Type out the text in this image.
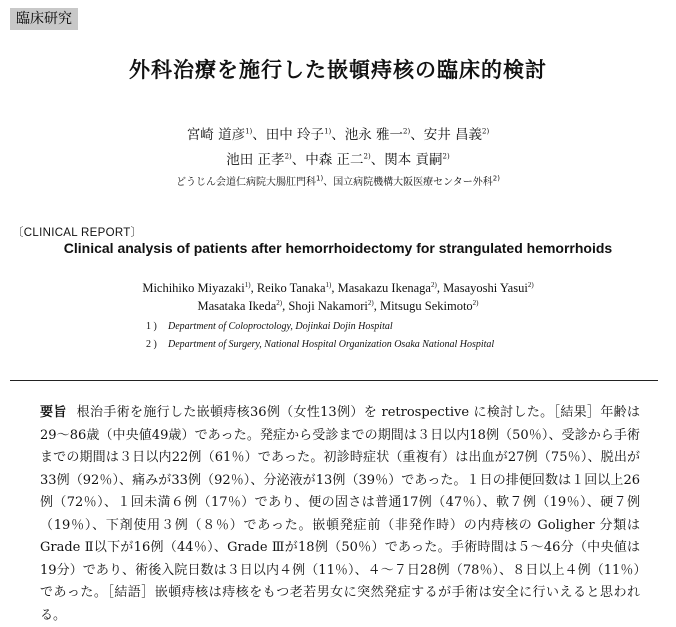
臨床研究
外科治療を施行した嵌頓痔核の臨床的検討
宮崎 道彦$^{1)}$、田中 玲子$^{1)}$、池永 雅一$^{2)}$、安井 昌義$^{2)}$
池田 正孝$^{2)}$、中森 正二$^{2)}$、関本 貢嗣$^{2)}$
どうじん会道仁病院大腸肛門科$^{1)}$、国立病院機構大阪医療センター外科$^{2)}$
〔CLINICAL REPORT〕
Clinical analysis of patients after hemorrhoidectomy for strangulated hemorrhoids
Michihiko Miyazaki$^{1)}$, Reiko Tanaka$^{1)}$, Masakazu Ikenaga$^{2)}$, Masayoshi Yasui$^{2)}$
Masataka Ikeda$^{2)}$, Shoji Nakamori$^{2)}$, Mitsugu Sekimoto$^{2)}$
1 ) Department of Coloproctology, Dojinkai Dojin Hospital
2 ) Department of Surgery, National Hospital Organization Osaka National Hospital
要旨 根治手術を施行した嵌頓痔核36例（女性13例）を retrospective に検討した。［結果］年齢は29～86歳（中央値49歳）であった。発症から受診までの期間は３日以内18例（50％）、受診から手術までの期間は３日以内22例（61％）であった。初診時症状（重複有）は出血が27例（75％）、脱出が33例（92％）、痛みが33例（92％）、分泌液が13例（39％）であった。１日の排便回数は１回以上26例（72％）、１回未満６例（17％）であり、便の固さは普通17例（47％）、軟７例（19％）、硬７例（19％）、下剤使用３例（８％）であった。嵌頓発症前（非発作時）の内痔核の Goligher 分類は Grade Ⅱ以下が16例（44％）、Grade Ⅲが18例（50％）であった。手術時間は５～46分（中央値は19分）であり、術後入院日数は３日以内４例（11％）、４～７日28例（78％）、８日以上４例（11％）であった。［結語］嵌頓痔核は痔核をもつ老若男女に突然発症するが手術は安全に行いえると思われる。
